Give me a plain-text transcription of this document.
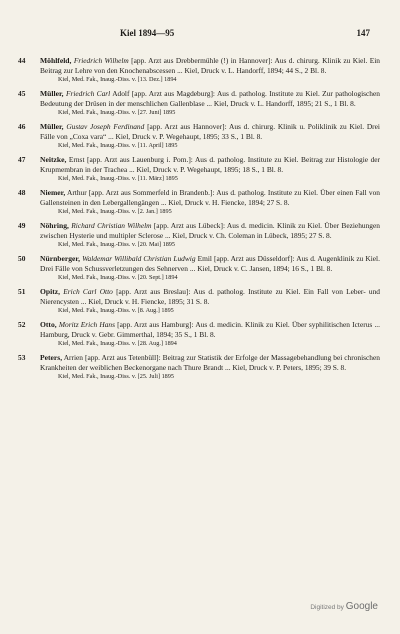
Kiel 1894—95	147
44 Möhlfeld, Friedrich Wilhelm [app. Arzt aus Drebbermühle (!) in Hannover]: Aus d. chirurg. Klinik zu Kiel. Ein Beitrag zur Lehre von den Knochenabscessen ... Kiel, Druck v. L. Handorff, 1894; 44 S., 2 Bl. 8.
Kiel, Med. Fak., Inaug.-Diss. v. [13. Dez.] 1894
45 Müller, Friedrich Carl Adolf [app. Arzt aus Magdeburg]: Aus d. patholog. Institute zu Kiel. Zur pathologischen Bedeutung der Drüsen in der menschlichen Gallenblase ... Kiel, Druck v. L. Handorff, 1895; 21 S., 1 Bl. 8.
Kiel, Med. Fak., Inaug.-Diss. v. [27. Juni] 1895
46 Müller, Gustav Joseph Ferdinand [app. Arzt aus Hannover]: Aus d. chirurg. Klinik u. Poliklinik zu Kiel. Drei Fälle von „Coxa vara“ ... Kiel, Druck v. P. Wegehaupt, 1895; 33 S., 1 Bl. 8.
Kiel, Med. Fak., Inaug.-Diss. v. [11. April] 1895
47 Neitzke, Ernst [app. Arzt aus Lauenburg i. Pom.]: Aus d. patholog. Institute zu Kiel. Beitrag zur Histologie der Krupmembran in der Trachea ... Kiel, Druck v. P. Wegehaupt, 1895; 18 S., 1 Bl. 8.
Kiel, Med. Fak., Inaug.-Diss. v. [11. März] 1895
48 Niemer, Arthur [app. Arzt aus Sommerfeld in Brandenb.]: Aus d. patholog. Institute zu Kiel. Über einen Fall von Gallensteinen in den Lebergallengängen ... Kiel, Druck v. H. Fiencke, 1894; 27 S. 8.
Kiel, Med. Fak., Inaug.-Diss. v. [2. Jan.] 1895
49 Nöhring, Richard Christian Wilhelm [app. Arzt aus Lübeck]: Aus d. medicin. Klinik zu Kiel. Über Beziehungen zwischen Hysterie und multipler Sclerose ... Kiel, Druck v. Ch. Coleman in Lübeck, 1895; 27 S. 8.
Kiel, Med. Fak., Inaug.-Diss. v. [20. Mai] 1895
50 Nürnberger, Waldemar Willibald Christian Ludwig Emil [app. Arzt aus Düsseldorf]: Aus d. Augenklinik zu Kiel. Drei Fälle von Schussverletzungen des Sehnerven ... Kiel, Druck v. C. Jansen, 1894; 16 S., 1 Bl. 8.
Kiel, Med. Fak., Inaug.-Diss. v. [20. Sept.] 1894
51 Opitz, Erich Carl Otto [app. Arzt aus Breslau]: Aus d. patholog. Institute zu Kiel. Ein Fall von Leber- und Nierencysten ... Kiel, Druck v. H. Fiencke, 1895; 31 S. 8.
Kiel, Med. Fak., Inaug.-Diss. v. [8. Aug.] 1895
52 Otto, Moritz Erich Hans [app. Arzt aus Hamburg]: Aus d. medicin. Klinik zu Kiel. Über syphilitischen Icterus ... Hamburg, Druck v. Gebr. Gimmerthal, 1894; 35 S., 1 Bl. 8.
Kiel, Med. Fak., Inaug.-Diss. v. [28. Aug.] 1894
53 Peters, Arrien [app. Arzt aus Tetenbüll]: Beitrag zur Statistik der Erfolge der Massagebehandlung bei chronischen Krankheiten der weiblichen Beckenorgane nach Thure Brandt ... Kiel, Druck v. P. Peters, 1895; 39 S. 8.
Kiel, Med. Fak., Inaug.-Diss. v. [25. Juli] 1895
Digitized by Google
